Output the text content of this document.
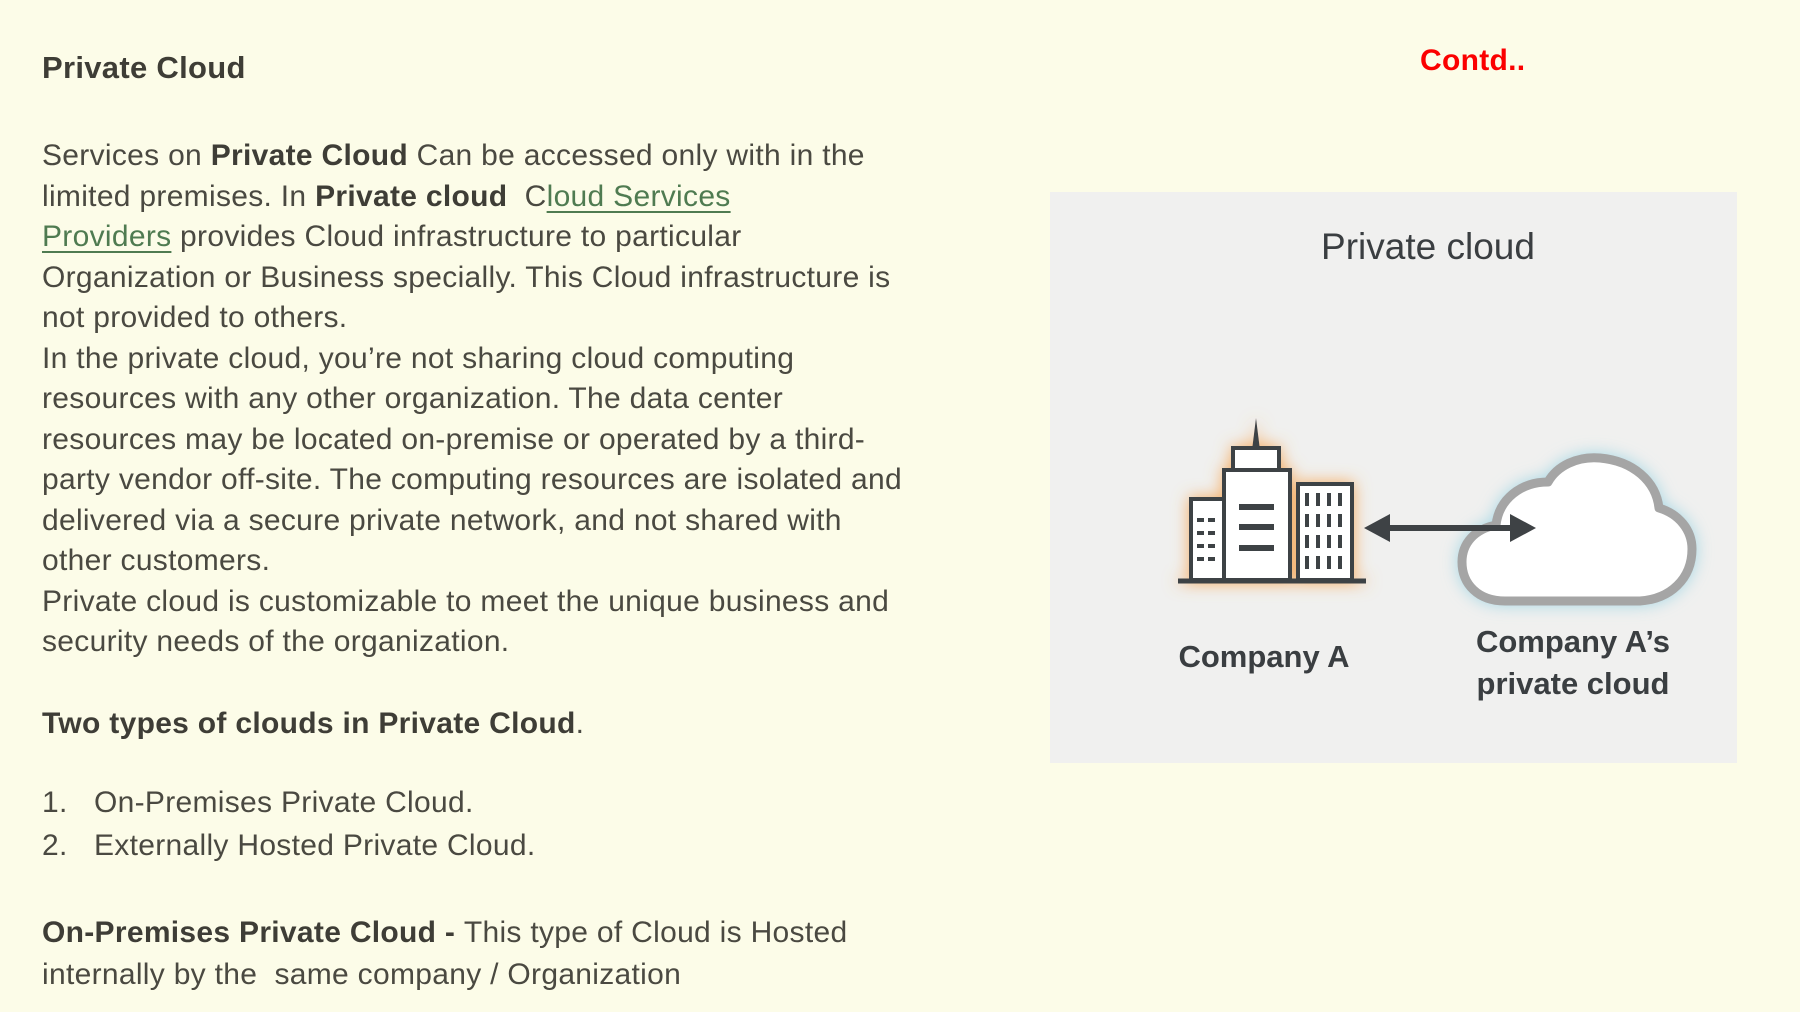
Private Cloud	Contd..
Services on Private Cloud Can be accessed only with in the
limited premises. In Private cloud  Cloud Services
Providers provides Cloud infrastructure to particular
Organization or Business specially. This Cloud infrastructure is
not provided to others.
In the private cloud, you’re not sharing cloud computing
resources with any other organization. The data center
resources may be located on-premise or operated by a third-
party vendor off-site. The computing resources are isolated and
delivered via a secure private network, and not shared with
other customers.
Private cloud is customizable to meet the unique business and
security needs of the organization.
Two types of clouds in Private Cloud.
1. On-Premises Private Cloud.
2. Externally Hosted Private Cloud.
On-Premises Private Cloud - This type of Cloud is Hosted
internally by the  same company / Organization
Private cloud
Company A	Company A’s
private cloud
